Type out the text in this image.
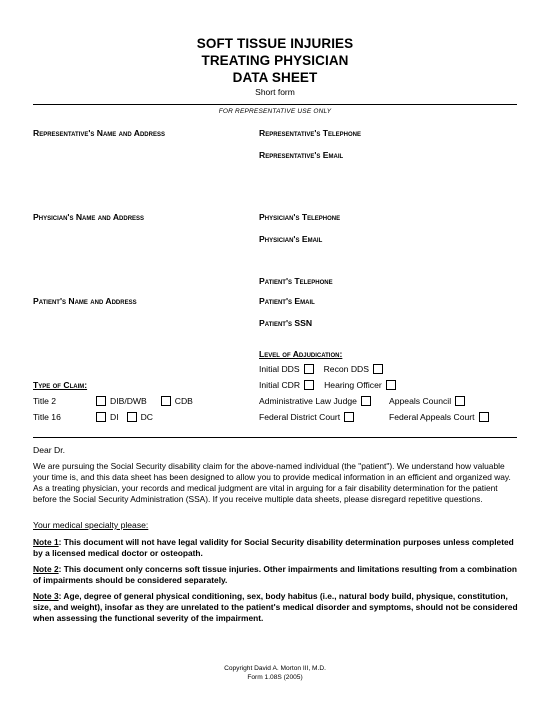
SOFT TISSUE INJURIES
TREATING PHYSICIAN
DATA SHEET
Short form
FOR REPRESENTATIVE USE ONLY
Representative's Name and Address	Representative's Telephone
Representative's Email
Physician's Name and Address	Physician's Telephone
Physician's Email
Patient's Telephone
Patient's Name and Address	Patient's Email
Patient's SSN
Level of Adjudication:
Initial DDS	Recon DDS
Initial CDR	Hearing Officer
Type of Claim:
Title 2	DIB/DWB	CDB	Administrative Law Judge	Appeals Council
Title 16	DI	DC	Federal District Court	Federal Appeals Court
Dear Dr.
We are pursuing the Social Security disability claim for the above-named individual (the "patient"). We understand how valuable your time is, and this data sheet has been designed to allow you to provide medical information in an efficient and organized way. As a treating physician, your records and medical judgment are vital in arguing for a fair disability determination for the patient before the Social Security Administration (SSA). If you receive multiple data sheets, please disregard repetitive questions.
Your medical specialty please:
Note 1: This document will not have legal validity for Social Security disability determination purposes unless completed by a licensed medical doctor or osteopath.
Note 2: This document only concerns soft tissue injuries. Other impairments and limitations resulting from a combination of impairments should be considered separately.
Note 3: Age, degree of general physical conditioning, sex, body habitus (i.e., natural body build, physique, constitution, size, and weight), insofar as they are unrelated to the patient's medical disorder and symptoms, should not be considered when assessing the functional severity of the impairment.
Copyright David A. Morton III, M.D.
Form 1.08S (2005)
